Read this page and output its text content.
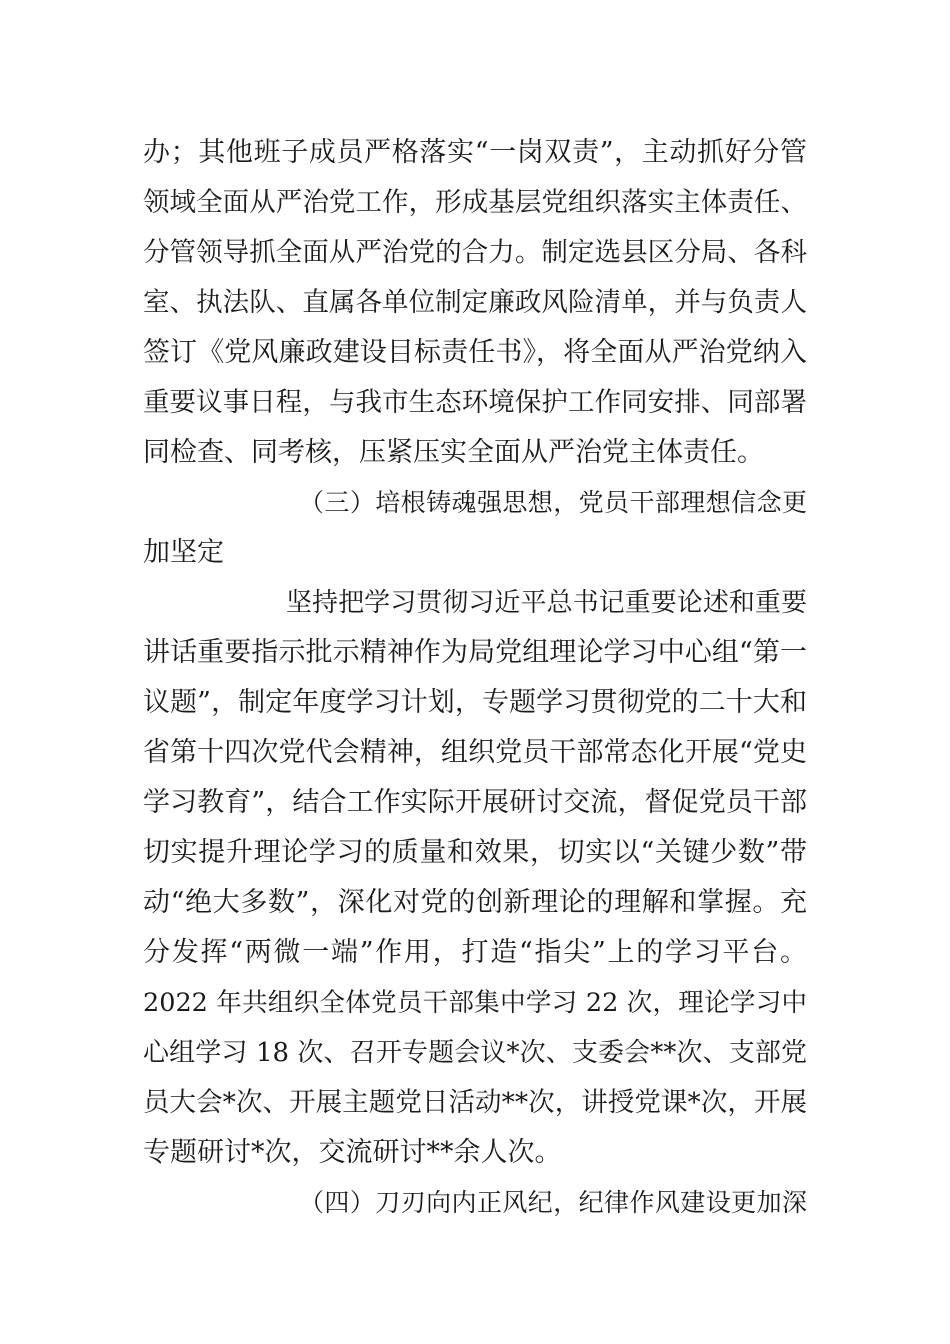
办；其他班子成员严格落实“一岗双责”，主动抓好分管
领域全面从严治党工作，形成基层党组织落实主体责任、
分管领导抓全面从严治党的合力。制定选县区分局、各科
室、执法队、直属各单位制定廉政风险清单，并与负责人
签订《党风廉政建设目标责任书》，将全面从严治党纳入
重要议事日程，与我市生态环境保护工作同安排、同部署
同检查、同考核，压紧压实全面从严治党主体责任。
（三）培根铸魂强思想，党员干部理想信念更
加坚定
坚持把学习贯彻习近平总书记重要论述和重要
讲话重要指示批示精神作为局党组理论学习中心组“第一
议题”，制定年度学习计划，专题学习贯彻党的二十大和
省第十四次党代会精神，组织党员干部常态化开展“党史
学习教育”，结合工作实际开展研讨交流，督促党员干部
切实提升理论学习的质量和效果，切实以“关键少数”带
动“绝大多数”，深化对党的创新理论的理解和掌握。充
分发挥“两微一端”作用，打造“指尖”上的学习平台。
2022 年共组织全体党员干部集中学习 22 次，理论学习中
心组学习 18 次、召开专题会议*次、支委会**次、支部党
员大会*次、开展主题党日活动**次，讲授党课*次，开展
专题研讨*次，交流研讨**余人次。
（四）刀刃向内正风纪，纪律作风建设更加深
